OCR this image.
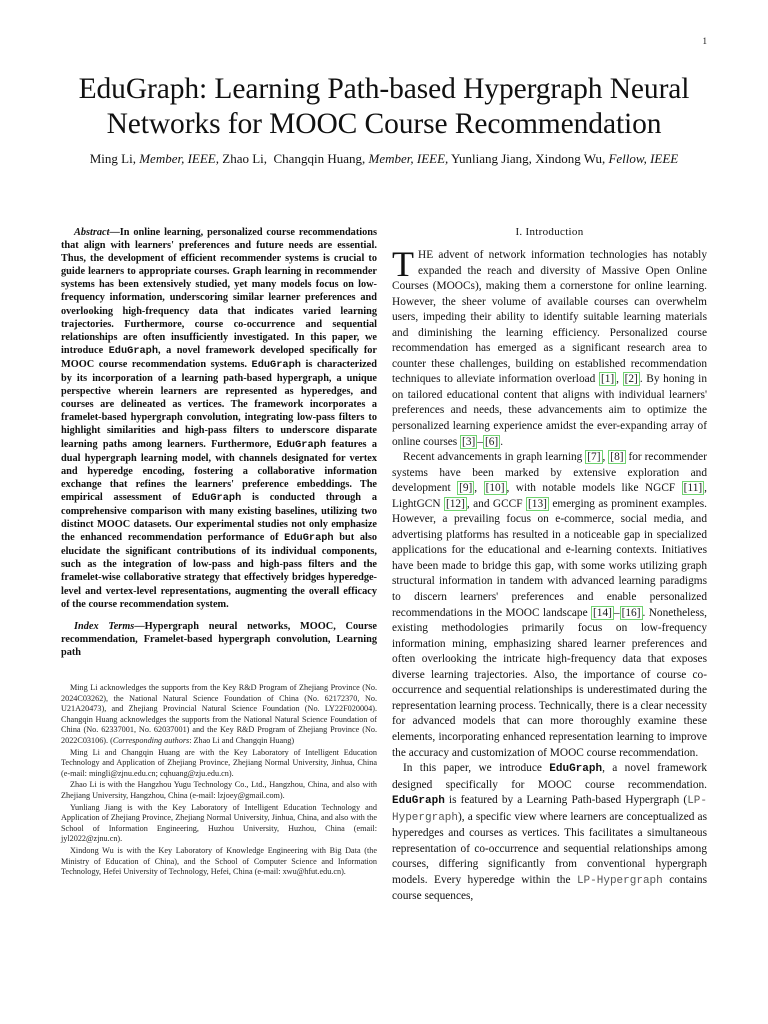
1
EduGraph: Learning Path-based Hypergraph Neural
Networks for MOOC Course Recommendation
Ming Li, Member, IEEE, Zhao Li, Changqin Huang, Member, IEEE, Yunliang Jiang, Xindong Wu, Fellow, IEEE

Abstract—In online learning, personalized course recommendations that align with learners' preferences and future needs are essential. Thus, the development of efficient recommender systems is crucial to guide learners to appropriate courses. Graph learning in recommender systems has been extensively studied, yet many models focus on low-frequency information, underscoring similar learner preferences and overlooking high-frequency data that indicates varied learning trajectories. Furthermore, course co-occurrence and sequential relationships are often insufficiently investigated. In this paper, we introduce EduGraph, a novel framework developed specifically for MOOC course recommendation systems. EduGraph is characterized by its incorporation of a learning path-based hypergraph, a unique perspective wherein learners are represented as hyperedges, and courses are delineated as vertices. The framework incorporates a framelet-based hypergraph convolution, integrating low-pass filters to highlight similarities and high-pass filters to underscore disparate learning paths among learners. Furthermore, EduGraph features a dual hypergraph learning model, with channels designated for vertex and hyperedge encoding, fostering a collaborative information exchange that refines the learners' preference embeddings. The empirical assessment of EduGraph is conducted through a comprehensive comparison with many existing baselines, utilizing two distinct MOOC datasets. Our experimental studies not only emphasize the enhanced recommendation performance of EduGraph but also elucidate the significant contributions of its individual components, such as the integration of low-pass and high-pass filters and the framelet-wise collaborative strategy that effectively bridges hyperedge-level and vertex-level representations, augmenting the overall efficacy of the course recommendation system.

Index Terms—Hypergraph neural networks, MOOC, Course recommendation, Framelet-based hypergraph convolution, Learning path

Ming Li acknowledges the supports from the Key R&D Program of Zhejiang Province (No. 2024C03262), the National Natural Science Foundation of China (No. 62172370, No. U21A20473), and Zhejiang Provincial Natural Science Foundation (No. LY22F020004). Changqin Huang acknowledges the supports from the National Natural Science Foundation of China (No. 62337001, No. 62037001) and the Key R&D Program of Zhejiang Province (No. 2022C03106). (Corresponding authors: Zhao Li and Changqin Huang)

Ming Li and Changqin Huang are with the Key Laboratory of Intelligent Education Technology and Application of Zhejiang Province, Zhejiang Normal University, Jinhua, China (e-mail: mingli@zjnu.edu.cn; cqhuang@zju.edu.cn).

Zhao Li is with the Hangzhou Yugu Technology Co., Ltd., Hangzhou, China, and also with Zhejiang University, Hangzhou, China (e-mail: lzjoey@gmail.com).

Yunliang Jiang is with the Key Laboratory of Intelligent Education Technology and Application of Zhejiang Province, Zhejiang Normal University, Jinhua, China, and also with the School of Information Engineering, Huzhou University, Huzhou, China (email: jyl2022@zjnu.cn).

Xindong Wu is with the Key Laboratory of Knowledge Engineering with Big Data (the Ministry of Education of China), and the School of Computer Science and Information Technology, Hefei University of Technology, Hefei, China (e-mail: xwu@hfut.edu.cn).

I. Introduction

THE advent of network information technologies has notably expanded the reach and diversity of Massive Open Online Courses (MOOCs), making them a cornerstone for online learning. However, the sheer volume of available courses can overwhelm users, impeding their ability to identify suitable learning materials and diminishing the learning efficiency. Personalized course recommendation has emerged as a significant research area to counter these challenges, building on established recommendation techniques to alleviate information overload [1] , [2] . By honing in on tailored educational content that aligns with individual learners' preferences and needs, these advancements aim to optimize the personalized learning experience amidst the ever-expanding array of online courses [3] – [6] .

Recent advancements in graph learning [7] , [8] for recommender systems have been marked by extensive exploration and development [9] , [10] , with notable models like NGCF [11] , LightGCN [12] , and GCCF [13] emerging as prominent examples. However, a prevailing focus on e-commerce, social media, and advertising platforms has resulted in a noticeable gap in specialized applications for the educational and e-learning contexts. Initiatives have been made to bridge this gap, with some works utilizing graph structural information in tandem with advanced learning paradigms to discern learners' preferences and enable personalized recommendations in the MOOC landscape [14] – [16] . Nonetheless, existing methodologies primarily focus on low-frequency information mining, emphasizing shared learner preferences and often overlooking the intricate high-frequency data that exposes diverse learning trajectories. Also, the importance of course co-occurrence and sequential relationships is underestimated during the representation learning process. Technically, there is a clear necessity for advanced models that can more thoroughly examine these elements, incorporating enhanced representation learning to improve the accuracy and customization of MOOC course recommendation.

In this paper, we introduce EduGraph, a novel framework designed specifically for MOOC course recommendation. EduGraph is featured by a Learning Path-based Hypergraph (LP-Hypergraph), a specific view where learners are conceptualized as hyperedges and courses as vertices. This facilitates a simultaneous representation of co-occurrence and sequential relationships among courses, differing significantly from conventional hypergraph models. Every hyperedge within the LP-Hypergraph contains course sequences,
